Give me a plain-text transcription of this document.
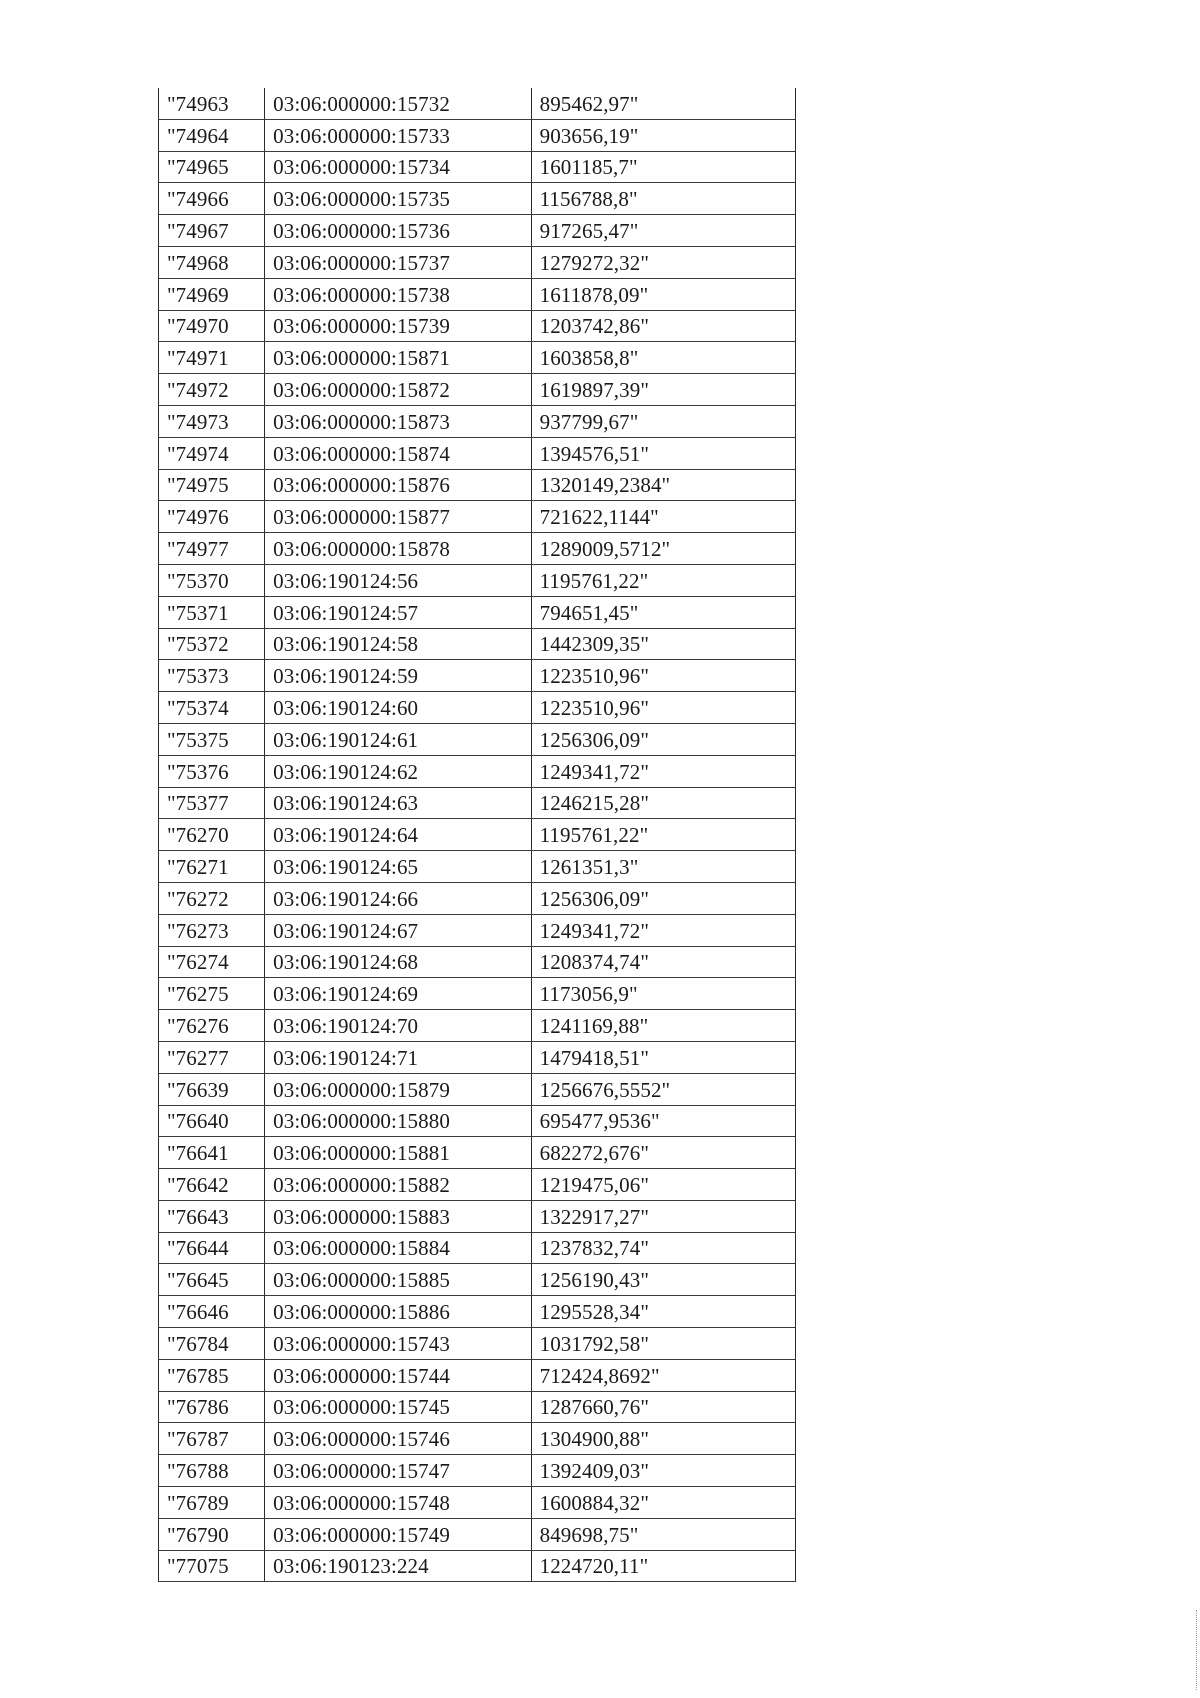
"74963	03:06:000000:15732	895462,97"
"74964	03:06:000000:15733	903656,19"
"74965	03:06:000000:15734	1601185,7"
"74966	03:06:000000:15735	1156788,8"
"74967	03:06:000000:15736	917265,47"
"74968	03:06:000000:15737	1279272,32"
"74969	03:06:000000:15738	1611878,09"
"74970	03:06:000000:15739	1203742,86"
"74971	03:06:000000:15871	1603858,8"
"74972	03:06:000000:15872	1619897,39"
"74973	03:06:000000:15873	937799,67"
"74974	03:06:000000:15874	1394576,51"
"74975	03:06:000000:15876	1320149,2384"
"74976	03:06:000000:15877	721622,1144"
"74977	03:06:000000:15878	1289009,5712"
"75370	03:06:190124:56	1195761,22"
"75371	03:06:190124:57	794651,45"
"75372	03:06:190124:58	1442309,35"
"75373	03:06:190124:59	1223510,96"
"75374	03:06:190124:60	1223510,96"
"75375	03:06:190124:61	1256306,09"
"75376	03:06:190124:62	1249341,72"
"75377	03:06:190124:63	1246215,28"
"76270	03:06:190124:64	1195761,22"
"76271	03:06:190124:65	1261351,3"
"76272	03:06:190124:66	1256306,09"
"76273	03:06:190124:67	1249341,72"
"76274	03:06:190124:68	1208374,74"
"76275	03:06:190124:69	1173056,9"
"76276	03:06:190124:70	1241169,88"
"76277	03:06:190124:71	1479418,51"
"76639	03:06:000000:15879	1256676,5552"
"76640	03:06:000000:15880	695477,9536"
"76641	03:06:000000:15881	682272,676"
"76642	03:06:000000:15882	1219475,06"
"76643	03:06:000000:15883	1322917,27"
"76644	03:06:000000:15884	1237832,74"
"76645	03:06:000000:15885	1256190,43"
"76646	03:06:000000:15886	1295528,34"
"76784	03:06:000000:15743	1031792,58"
"76785	03:06:000000:15744	712424,8692"
"76786	03:06:000000:15745	1287660,76"
"76787	03:06:000000:15746	1304900,88"
"76788	03:06:000000:15747	1392409,03"
"76789	03:06:000000:15748	1600884,32"
"76790	03:06:000000:15749	849698,75"
"77075	03:06:190123:224	1224720,11"
